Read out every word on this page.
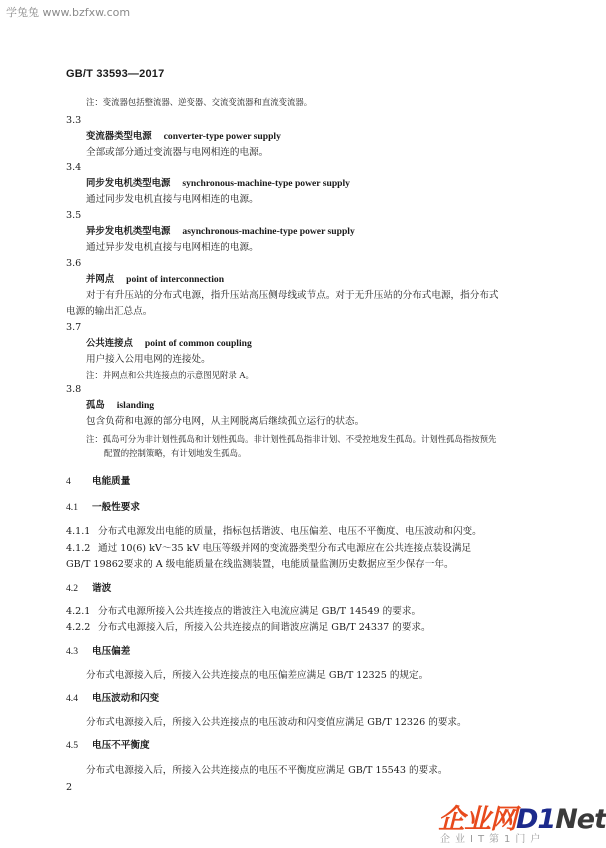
学兔兔 www.bzfxw.com
GB/T 33593—2017
注：变流器包括整流器、逆变器、交流变流器和直流变流器。
3.3
变流器类型电源 converter-type power supply
全部或部分通过变流器与电网相连的电源。
3.4
同步发电机类型电源 synchronous-machine-type power supply
通过同步发电机直接与电网相连的电源。
3.5
异步发电机类型电源 asynchronous-machine-type power supply
通过异步发电机直接与电网相连的电源。
3.6
并网点 point of interconnection
对于有升压站的分布式电源，指升压站高压侧母线或节点。对于无升压站的分布式电源，指分布式
电源的输出汇总点。
3.7
公共连接点 point of common coupling
用户接入公用电网的连接处。
注：并网点和公共连接点的示意图见附录 A。
3.8
孤岛 islanding
包含负荷和电源的部分电网，从主网脱离后继续孤立运行的状态。
注：孤岛可分为非计划性孤岛和计划性孤岛。非计划性孤岛指非计划、不受控地发生孤岛。计划性孤岛指按预先
配置的控制策略，有计划地发生孤岛。
4 电能质量
4.1 一般性要求
4.1.1 分布式电源发出电能的质量，指标包括谐波、电压偏差、电压不平衡度、电压波动和闪变。
4.1.2 通过 10(6) kV～35 kV 电压等级并网的变流器类型分布式电源应在公共连接点装设满足
GB/T 19862要求的 A 级电能质量在线监测装置，电能质量监测历史数据应至少保存一年。
4.2 谐波
4.2.1 分布式电源所接入公共连接点的谐波注入电流应满足 GB/T 14549 的要求。
4.2.2 分布式电源接入后，所接入公共连接点的间谐波应满足 GB/T 24337 的要求。
4.3 电压偏差
分布式电源接入后，所接入公共连接点的电压偏差应满足 GB/T 12325 的规定。
4.4 电压波动和闪变
分布式电源接入后，所接入公共连接点的电压波动和闪变值应满足 GB/T 12326 的要求。
4.5 电压不平衡度
分布式电源接入后，所接入公共连接点的电压不平衡度应满足 GB/T 15543 的要求。
2
企业网D1Net
企业IT第1门户
